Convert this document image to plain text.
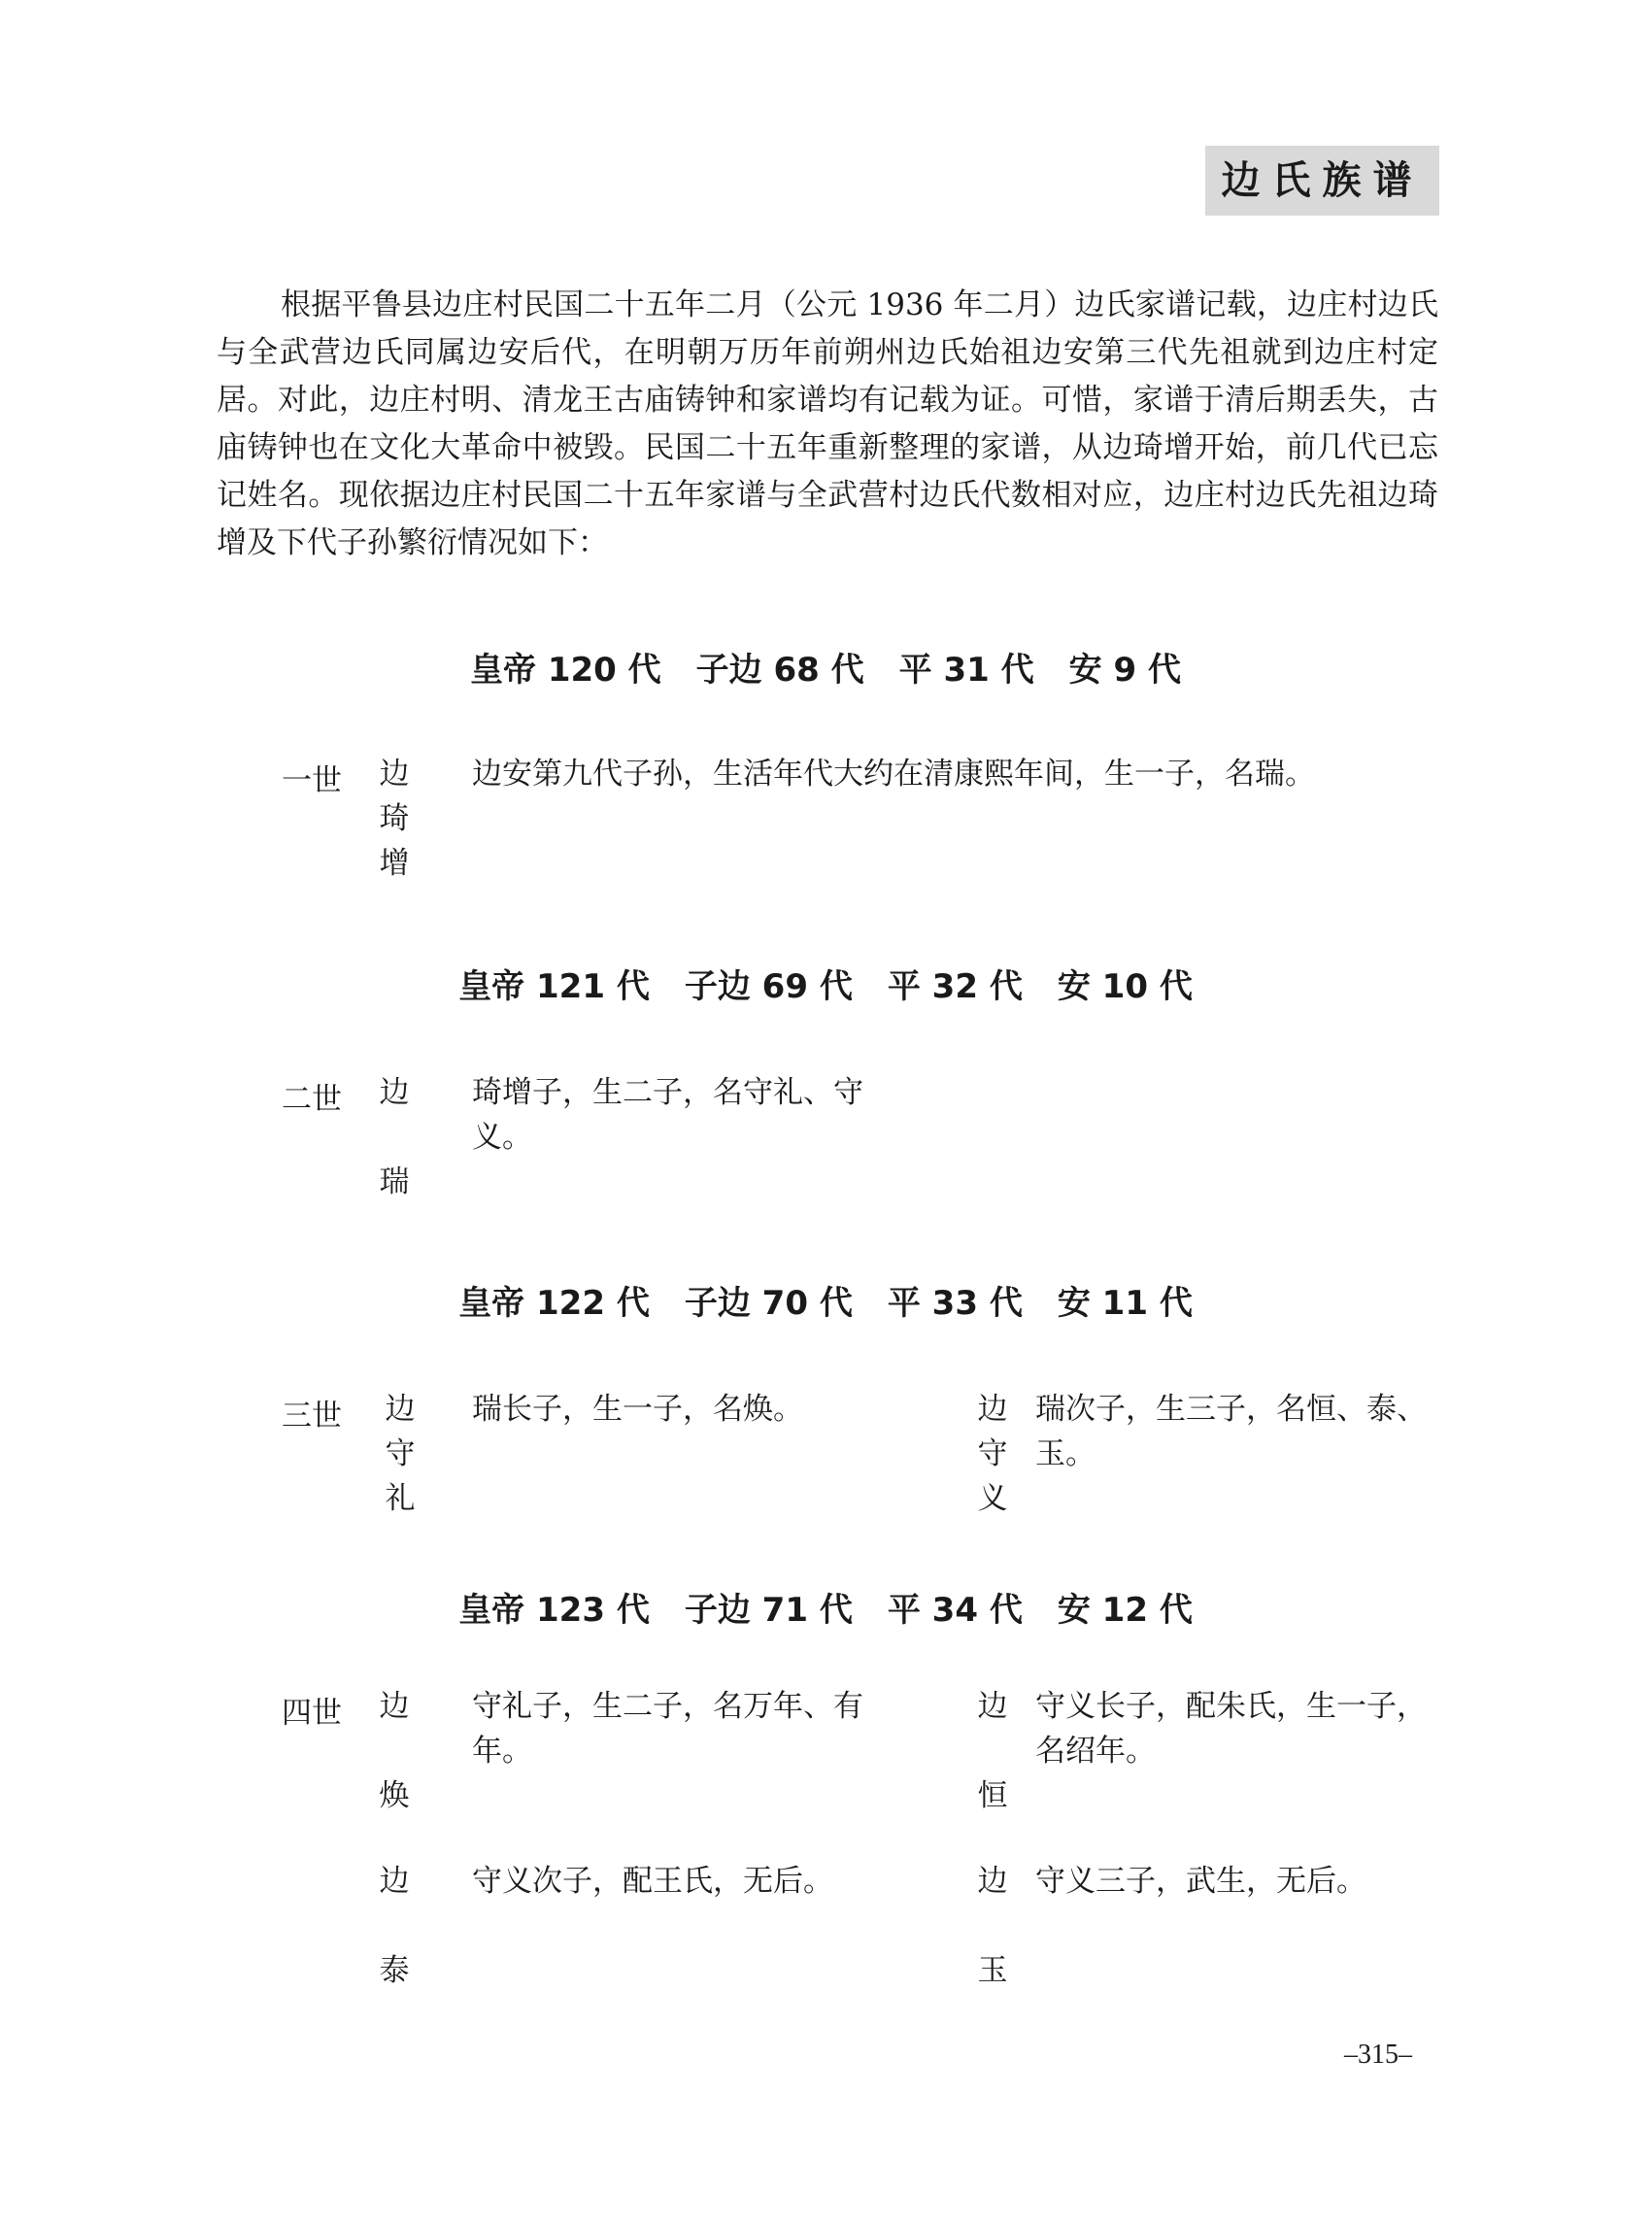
边氏族谱

根据平鲁县边庄村民国二十五年二月（公元 1936 年二月）边氏家谱记载，边庄村边氏与全武营边氏同属边安后代，在明朝万历年前朔州边氏始祖边安第三代先祖就到边庄村定居。对此，边庄村明、清龙王古庙铸钟和家谱均有记载为证。可惜，家谱于清后期丢失，古庙铸钟也在文化大革命中被毁。民国二十五年重新整理的家谱，从边琦增开始，前几代已忘记姓名。现依据边庄村民国二十五年家谱与全武营村边氏代数相对应，边庄村边氏先祖边琦增及下代子孙繁衍情况如下：

皇帝 120 代 子边 68 代 平 31 代 安 9 代
一世 边
琦
增
边安第九代子孙，生活年代大约在清康熙年间，生一子，名瑞。
皇帝 121 代 子边 69 代 平 32 代 安 10 代
二世 边
瑞
琦增子，生二子，名守礼、守义。
皇帝 122 代 子边 70 代 平 33 代 安 11 代
三世 边
守
礼
瑞长子，生一子，名焕。	边
守
义
瑞次子，生三子，名恒、泰、玉。
皇帝 123 代 子边 71 代 平 34 代 安 12 代
四世 边
焕
守礼子，生二子，名万年、有年。
边
恒
守义长子，配朱氏，生一子，名绍年。
边
泰
守义次子，配王氏，无后。	边
玉
守义三子，武生，无后。
–315–
